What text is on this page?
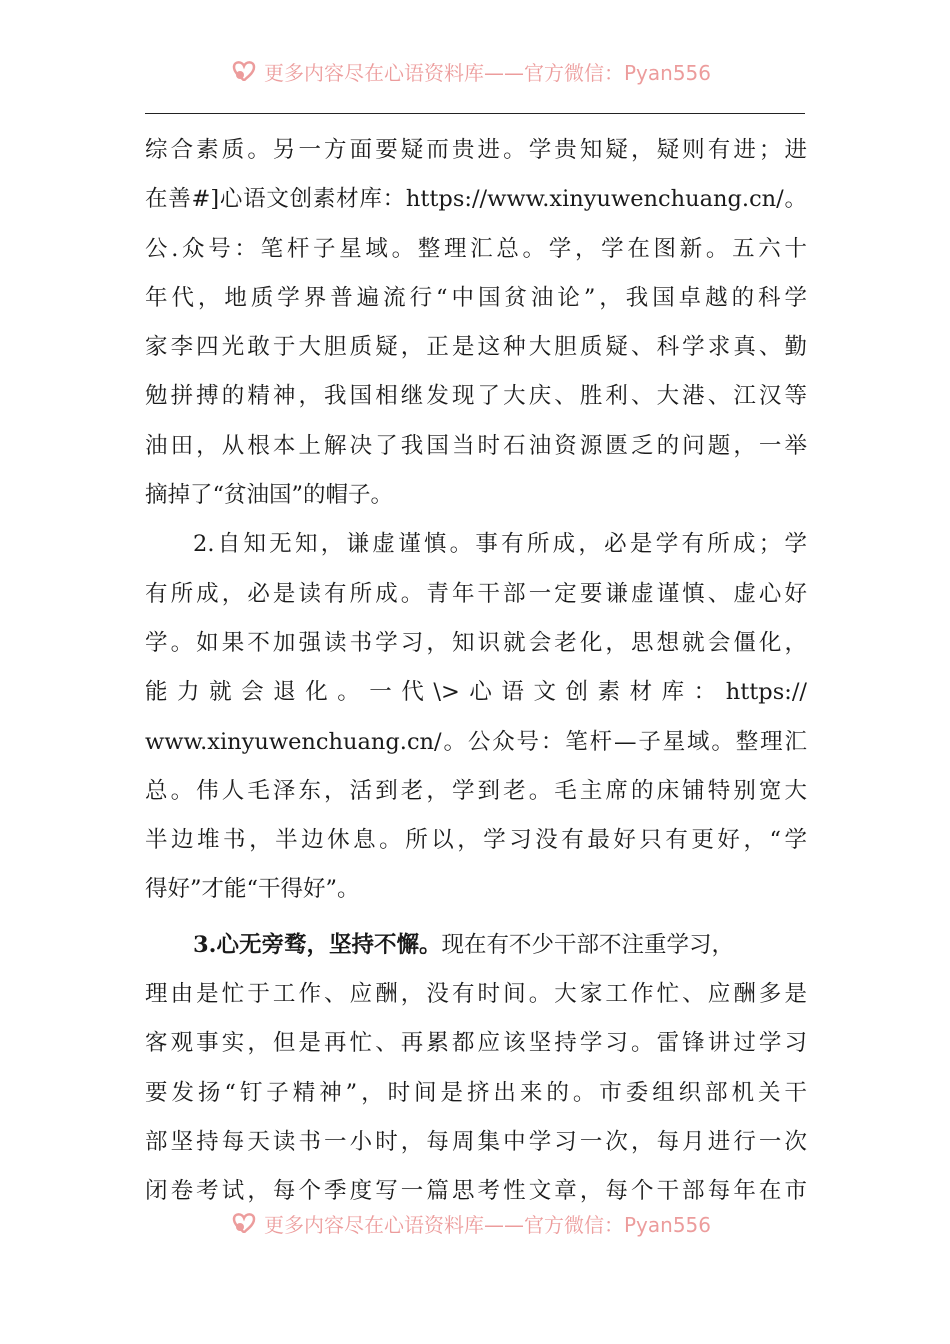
更多内容尽在心语资料库——官方微信：Pyan556
综合素质。另一方面要疑而贵进。学贵知疑，疑则有进；进
在善#]心语文创素材库：https://www.xinyuwenchuang.cn/。
公.众号：笔杆子星域。整理汇总。学，学在图新。五六十
年代，地质学界普遍流行“中国贫油论”，我国卓越的科学
家李四光敢于大胆质疑，正是这种大胆质疑、科学求真、勤
勉拼搏的精神，我国相继发现了大庆、胜利、大港、江汉等
油田，从根本上解决了我国当时石油资源匮乏的问题，一举
摘掉了“贫油国”的帽子。
2.自知无知，谦虚谨慎。事有所成，必是学有所成；学
有所成，必是读有所成。青年干部一定要谦虚谨慎、虚心好
学。如果不加强读书学习，知识就会老化，思想就会僵化，
能力就会退化。一代\>心语文创素材库：https://
www.xinyuwenchuang.cn/。公众号：笔杆—子星域。整理汇
总。伟人毛泽东，活到老，学到老。毛主席的床铺特别宽大
半边堆书，半边休息。所以，学习没有最好只有更好，“学
得好”才能“干得好”。
3.心无旁骛，坚持不懈。现在有不少干部不注重学习，
理由是忙于工作、应酬，没有时间。大家工作忙、应酬多是
客观事实，但是再忙、再累都应该坚持学习。雷锋讲过学习
要发扬“钉子精神”，时间是挤出来的。市委组织部机关干
部坚持每天读书一小时，每周集中学习一次，每月进行一次
闭卷考试，每个季度写一篇思考性文章，每个干部每年在市
更多内容尽在心语资料库——官方微信：Pyan556
